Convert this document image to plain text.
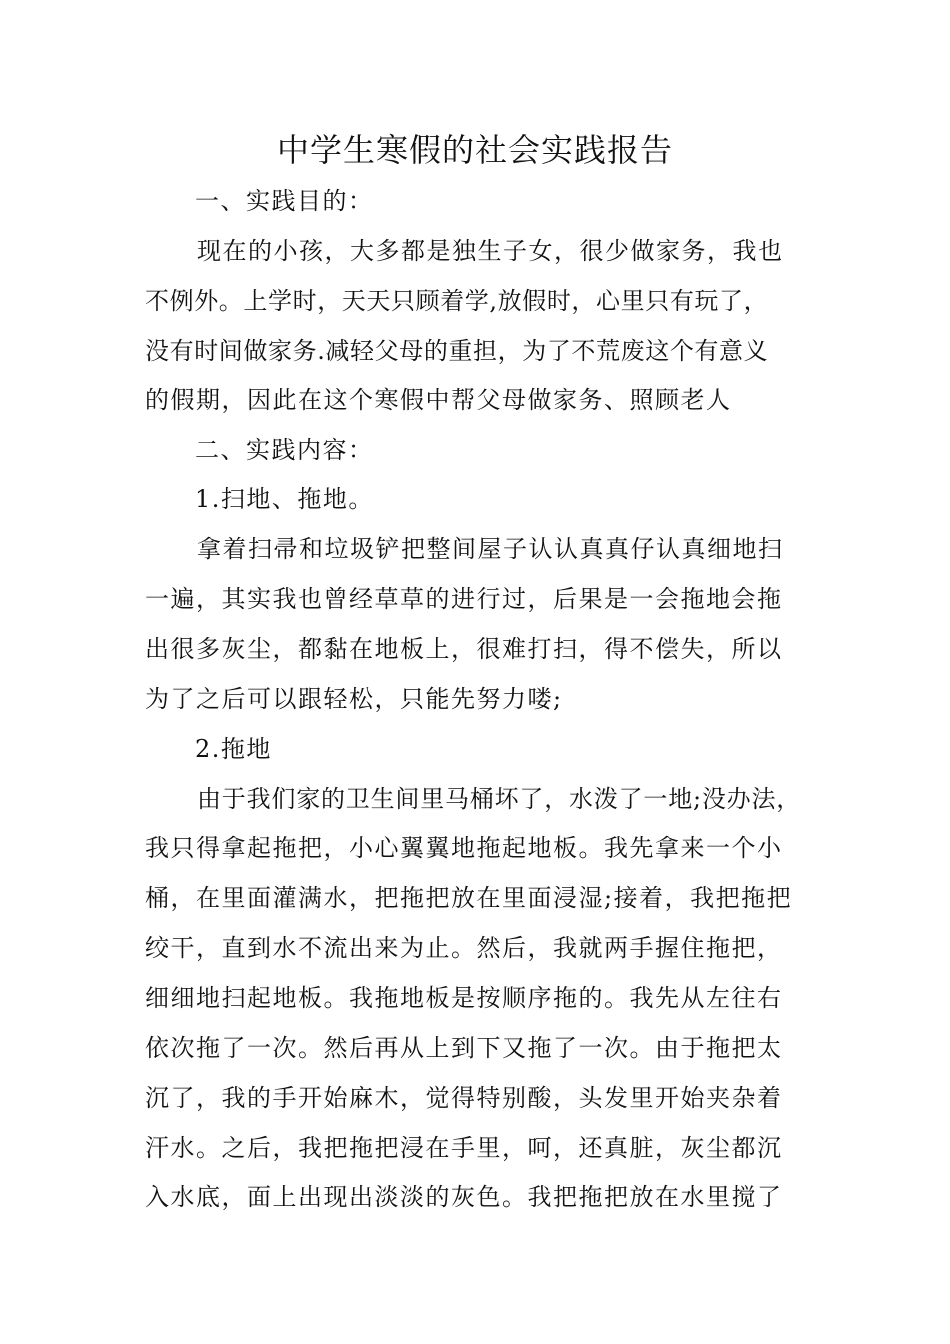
中学生寒假的社会实践报告

一、实践目的：

现在的小孩，大多都是独生子女，很少做家务，我也

不例外。上学时，天天只顾着学,放假时，心里只有玩了，

没有时间做家务.减轻父母的重担，为了不荒废这个有意义

的假期，因此在这个寒假中帮父母做家务、照顾老人

二、实践内容：

1.扫地、拖地。

拿着扫帚和垃圾铲把整间屋子认认真真仔认真细地扫

一遍，其实我也曾经草草的进行过，后果是一会拖地会拖

出很多灰尘，都黏在地板上，很难打扫，得不偿失，所以

为了之后可以跟轻松，只能先努力喽;

2.拖地

由于我们家的卫生间里马桶坏了，水泼了一地;没办法，

我只得拿起拖把，小心翼翼地拖起地板。我先拿来一个小

桶，在里面灌满水，把拖把放在里面浸湿;接着，我把拖把

绞干，直到水不流出来为止。然后，我就两手握住拖把，

细细地扫起地板。我拖地板是按顺序拖的。我先从左往右

依次拖了一次。然后再从上到下又拖了一次。由于拖把太

沉了，我的手开始麻木，觉得特别酸，头发里开始夹杂着

汗水。之后，我把拖把浸在手里，呵，还真脏，灰尘都沉

入水底，面上出现出淡淡的灰色。我把拖把放在水里搅了
